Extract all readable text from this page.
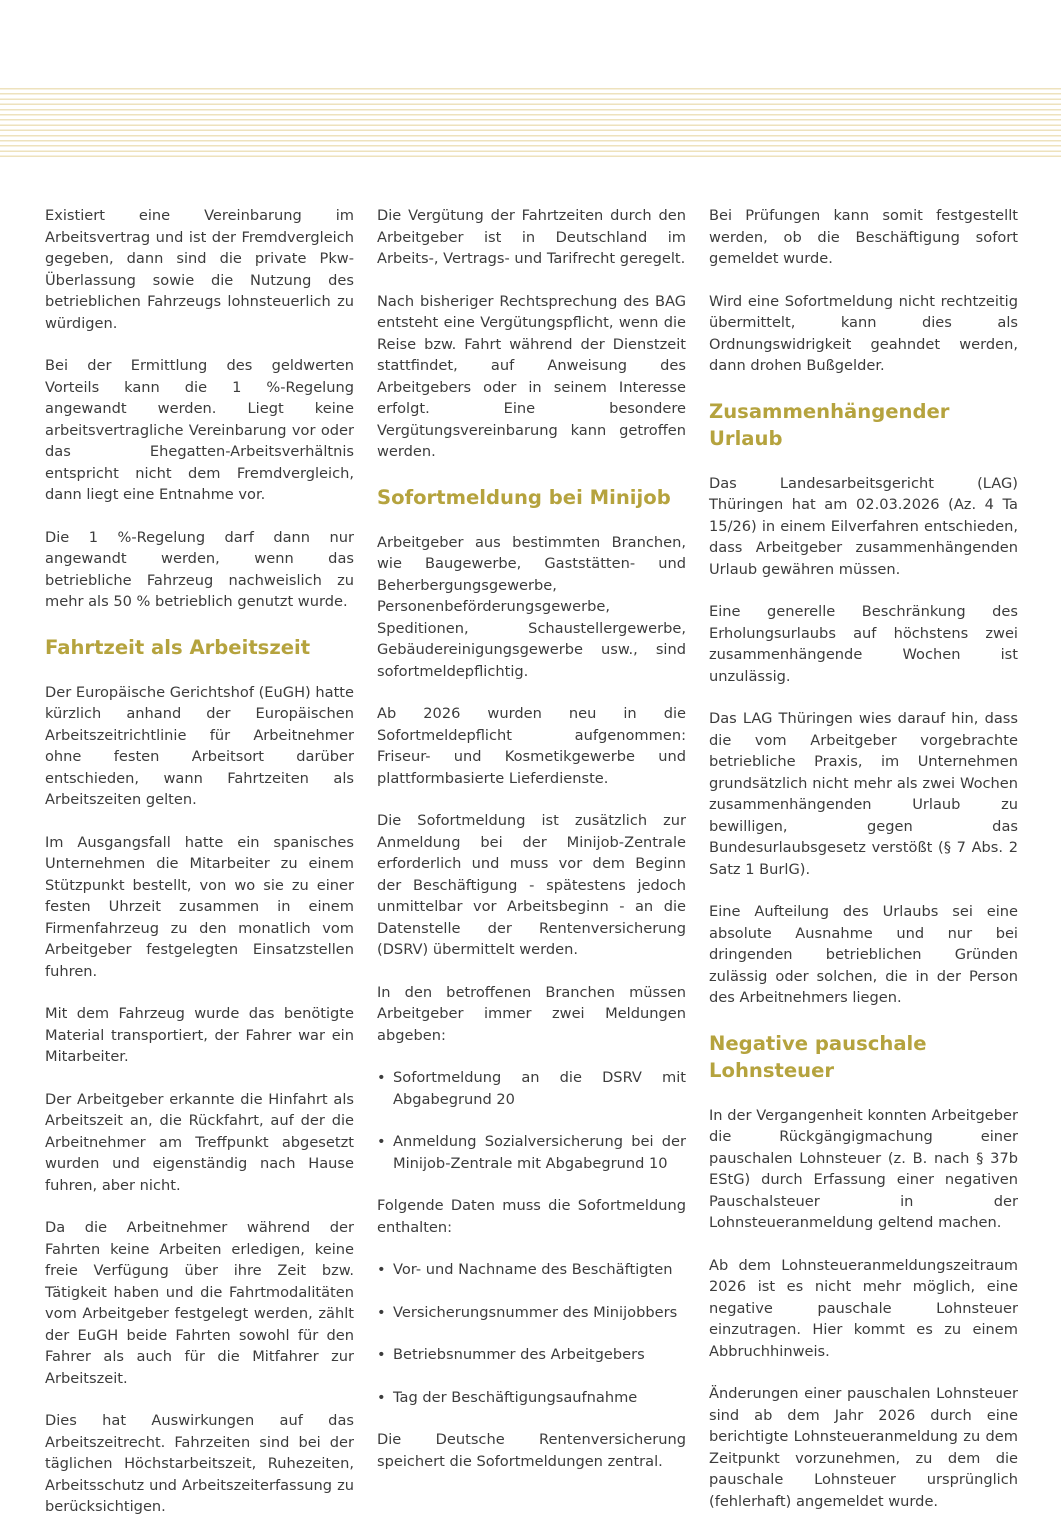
Existiert eine Vereinbarung im Arbeitsvertrag und ist der Fremdvergleich gegeben, dann sind die private Pkw-Überlassung sowie die Nutzung des betrieblichen Fahrzeugs lohnsteuerlich zu würdigen.

Bei der Ermittlung des geldwerten Vorteils kann die 1 %-Regelung angewandt werden. Liegt keine arbeitsvertragliche Vereinbarung vor oder das Ehegatten-Arbeitsverhältnis entspricht nicht dem Fremdvergleich, dann liegt eine Entnahme vor.

Die 1 %-Regelung darf dann nur angewandt werden, wenn das betriebliche Fahrzeug nachweislich zu mehr als 50 % betrieblich genutzt wurde.

Fahrtzeit als Arbeitszeit

Der Europäische Gerichtshof (EuGH) hatte kürzlich anhand der Europäischen Arbeitszeitrichtlinie für Arbeitnehmer ohne festen Arbeitsort darüber entschieden, wann Fahrtzeiten als Arbeitszeiten gelten.

Im Ausgangsfall hatte ein spanisches Unternehmen die Mitarbeiter zu einem Stützpunkt bestellt, von wo sie zu einer festen Uhrzeit zusammen in einem Firmenfahrzeug zu den monatlich vom Arbeitgeber festgelegten Einsatzstellen fuhren.

Mit dem Fahrzeug wurde das benötigte Material transportiert, der Fahrer war ein Mitarbeiter.

Der Arbeitgeber erkannte die Hinfahrt als Arbeitszeit an, die Rückfahrt, auf der die Arbeitnehmer am Treffpunkt abgesetzt wurden und eigenständig nach Hause fuhren, aber nicht.

Da die Arbeitnehmer während der Fahrten keine Arbeiten erledigen, keine freie Verfügung über ihre Zeit bzw. Tätigkeit haben und die Fahrtmodalitäten vom Arbeitgeber festgelegt werden, zählt der EuGH beide Fahrten sowohl für den Fahrer als auch für die Mitfahrer zur Arbeitszeit.

Dies hat Auswirkungen auf das Arbeitszeitrecht. Fahrzeiten sind bei der täglichen Höchstarbeitszeit, Ruhezeiten, Arbeitsschutz und Arbeitszeiterfassung zu berücksichtigen.

Die Vergütung der Fahrtzeiten durch den Arbeitgeber ist in Deutschland im Arbeits-, Vertrags- und Tarifrecht geregelt.

Nach bisheriger Rechtsprechung des BAG entsteht eine Vergütungspflicht, wenn die Reise bzw. Fahrt während der Dienstzeit stattfindet, auf Anweisung des Arbeitgebers oder in seinem Interesse erfolgt. Eine besondere Vergütungsvereinbarung kann getroffen werden.

Sofortmeldung bei Minijob

Arbeitgeber aus bestimmten Branchen, wie Baugewerbe, Gaststätten- und Beherbergungsgewerbe, Personenbeförderungsgewerbe, Speditionen, Schaustellergewerbe, Gebäudereinigungsgewerbe usw., sind sofortmeldepflichtig.

Ab 2026 wurden neu in die Sofortmeldepflicht aufgenommen: Friseur- und Kosmetikgewerbe und plattformbasierte Lieferdienste.

Die Sofortmeldung ist zusätzlich zur Anmeldung bei der Minijob-Zentrale erforderlich und muss vor dem Beginn der Beschäftigung - spätestens jedoch unmittelbar vor Arbeitsbeginn - an die Datenstelle der Rentenversicherung (DSRV) übermittelt werden.

In den betroffenen Branchen müssen Arbeitgeber immer zwei Meldungen abgeben:

• Sofortmeldung an die DSRV mit Abgabegrund 20
• Anmeldung Sozialversicherung bei der Minijob-Zentrale mit Abgabegrund 10

Folgende Daten muss die Sofortmeldung enthalten:

• Vor- und Nachname des Beschäftigten
• Versicherungsnummer des Minijobbers
• Betriebsnummer des Arbeitgebers
• Tag der Beschäftigungsaufnahme

Die Deutsche Rentenversicherung speichert die Sofortmeldungen zentral.

Bei Prüfungen kann somit festgestellt werden, ob die Beschäftigung sofort gemeldet wurde.

Wird eine Sofortmeldung nicht rechtzeitig übermittelt, kann dies als Ordnungswidrigkeit geahndet werden, dann drohen Bußgelder.

Zusammenhängender Urlaub

Das Landesarbeitsgericht (LAG) Thüringen hat am 02.03.2026 (Az. 4 Ta 15/26) in einem Eilverfahren entschieden, dass Arbeitgeber zusammenhängenden Urlaub gewähren müssen.

Eine generelle Beschränkung des Erholungsurlaubs auf höchstens zwei zusammenhängende Wochen ist unzulässig.

Das LAG Thüringen wies darauf hin, dass die vom Arbeitgeber vorgebrachte betriebliche Praxis, im Unternehmen grundsätzlich nicht mehr als zwei Wochen zusammenhängenden Urlaub zu bewilligen, gegen das Bundesurlaubsgesetz verstößt (§ 7 Abs. 2 Satz 1 BurlG).

Eine Aufteilung des Urlaubs sei eine absolute Ausnahme und nur bei dringenden betrieblichen Gründen zulässig oder solchen, die in der Person des Arbeitnehmers liegen.

Negative pauschale Lohnsteuer

In der Vergangenheit konnten Arbeitgeber die Rückgängigmachung einer pauschalen Lohnsteuer (z. B. nach § 37b EStG) durch Erfassung einer negativen Pauschalsteuer in der Lohnsteueranmeldung geltend machen.

Ab dem Lohnsteueranmeldungszeitraum 2026 ist es nicht mehr möglich, eine negative pauschale Lohnsteuer einzutragen. Hier kommt es zu einem Abbruchhinweis.

Änderungen einer pauschalen Lohnsteuer sind ab dem Jahr 2026 durch eine berichtigte Lohnsteueranmeldung zu dem Zeitpunkt vorzunehmen, zu dem die pauschale Lohnsteuer ursprünglich (fehlerhaft) angemeldet wurde.
